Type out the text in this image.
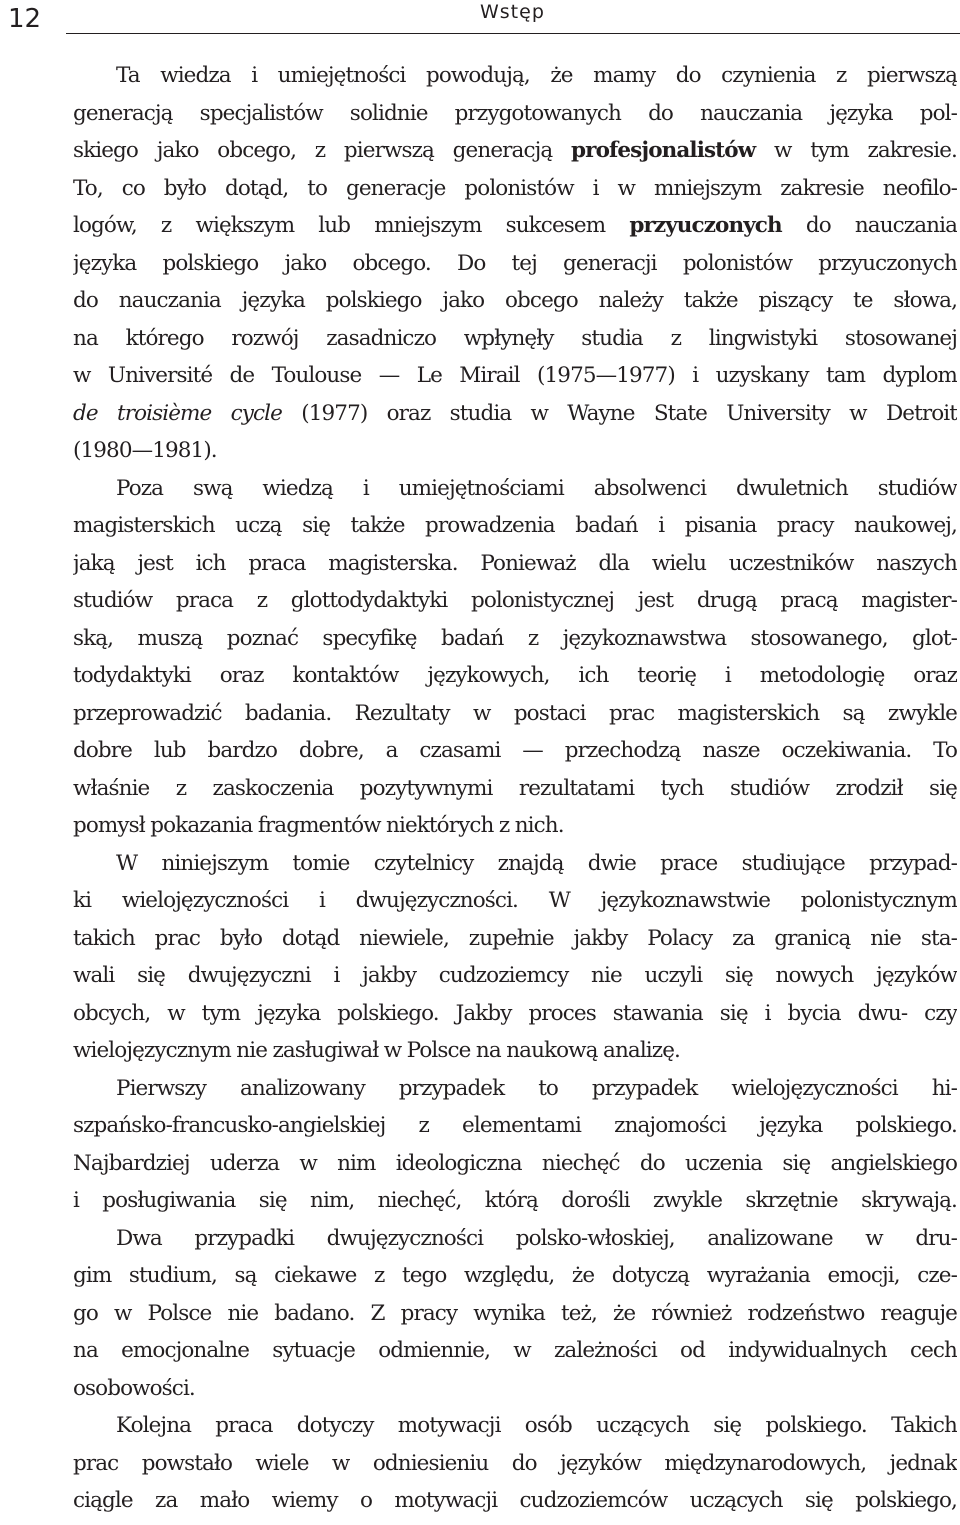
12	Wstęp
Ta wiedza i umiejętności powodują, że mamy do czynienia z pierwszą
generacją specjalistów solidnie przygotowanych do nauczania języka pol-
skiego jako obcego, z pierwszą generacją profesjonalistów w tym zakresie.
To, co było dotąd, to generacje polonistów i w mniejszym zakresie neofilo-
logów, z większym lub mniejszym sukcesem przyuczonych do nauczania
języka polskiego jako obcego. Do tej generacji polonistów przyuczonych
do nauczania języka polskiego jako obcego należy także piszący te słowa,
na którego rozwój zasadniczo wpłynęły studia z lingwistyki stosowanej
w Université de Toulouse — Le Mirail (1975—1977) i uzyskany tam dyplom
de troisième cycle (1977) oraz studia w Wayne State University w Detroit
(1980—1981).
Poza swą wiedzą i umiejętnościami absolwenci dwuletnich studiów
magisterskich uczą się także prowadzenia badań i pisania pracy naukowej,
jaką jest ich praca magisterska. Ponieważ dla wielu uczestników naszych
studiów praca z glottodydaktyki polonistycznej jest drugą pracą magister-
ską, muszą poznać specyfikę badań z językoznawstwa stosowanego, glot-
todydaktyki oraz kontaktów językowych, ich teorię i metodologię oraz
przeprowadzić badania. Rezultaty w postaci prac magisterskich są zwykle
dobre lub bardzo dobre, a czasami — przechodzą nasze oczekiwania. To
właśnie z zaskoczenia pozytywnymi rezultatami tych studiów zrodził się
pomysł pokazania fragmentów niektórych z nich.
W niniejszym tomie czytelnicy znajdą dwie prace studiujące przypad-
ki wielojęzyczności i dwujęzyczności. W językoznawstwie polonistycznym
takich prac było dotąd niewiele, zupełnie jakby Polacy za granicą nie sta-
wali się dwujęzyczni i jakby cudzoziemcy nie uczyli się nowych języków
obcych, w tym języka polskiego. Jakby proces stawania się i bycia dwu- czy
wielojęzycznym nie zasługiwał w Polsce na naukową analizę.
Pierwszy analizowany przypadek to przypadek wielojęzyczności hi-
szpańsko-francusko-angielskiej z elementami znajomości języka polskiego.
Najbardziej uderza w nim ideologiczna niechęć do uczenia się angielskiego
i posługiwania się nim, niechęć, którą dorośli zwykle skrzętnie skrywają.
Dwa przypadki dwujęzyczności polsko-włoskiej, analizowane w dru-
gim studium, są ciekawe z tego względu, że dotyczą wyrażania emocji, cze-
go w Polsce nie badano. Z pracy wynika też, że również rodzeństwo reaguje
na emocjonalne sytuacje odmiennie, w zależności od indywidualnych cech
osobowości.
Kolejna praca dotyczy motywacji osób uczących się polskiego. Takich
prac powstało wiele w odniesieniu do języków międzynarodowych, jednak
ciągle za mało wiemy o motywacji cudzoziemców uczących się polskiego,
